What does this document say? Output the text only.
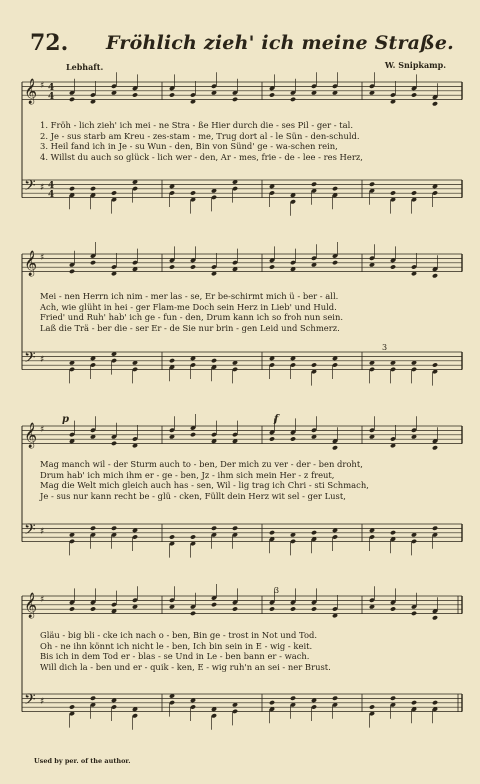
72. Fröhlich zieh' ich meine Straße.
Lebhaft.	W. Snipkamp.
𝄞
𝄢
♯
♯
4
4
4
4
1. Fröh - lich zieh' ich mei - ne Stra - ße Hier durch die - ses Pil - ger - tal.
2. Je - sus starb am Kreu - zes-stam - me, Trug dort al - le Sün - den-schuld.
3. Heil fand ich in Je - su Wun - den, Bin von Sünd' ge - wa-schen rein,
4. Willst du auch so glück - lich wer - den, Ar - mes, frie - de - lee - res Herz,
𝄞
𝄢
♯
♯
3
Mei - nen Herrn ich nim - mer las - se, Er be-schirmt mich ü - ber - all.
Ach, wie glüht in hei - ger Flam-me Doch sein Herz in Lieb' und Huld.
Fried' und Ruh' hab' ich ge - fun - den, Drum kann ich so froh nun sein.
Laß die Trä - ber die - ser Er - de Sie nur brin - gen Leid und Schmerz.
𝄞
𝄢
♯
♯
p	f
Mag manch wil - der Sturm auch to - ben, Der mich zu ver - der - ben droht,
Drum hab' ich mich ihm er - ge - ben, Jz - ihm sich mein Her - z freut,
Mag die Welt mich gleich auch has - sen, Wil - lig trag ich Chri - sti Schmach,
Je - sus nur kann recht be - glü - cken, Füllt dein Herz wit sel - ger Lust,
𝄞
𝄢
♯
♯
3
Gläu - big bli - cke ich nach o - ben, Bin ge - trost in Not und Tod.
Oh - ne ihn könnt ich nicht le - ben, Ich bin sein in E - wig - keit.
Bis ich in dem Tod er - blas - se Und in Le - ben bann er - wach.
Will dich la - ben und er - quik - ken, E - wig ruh'n an sei - ner Brust.
Used by per. of the author.
